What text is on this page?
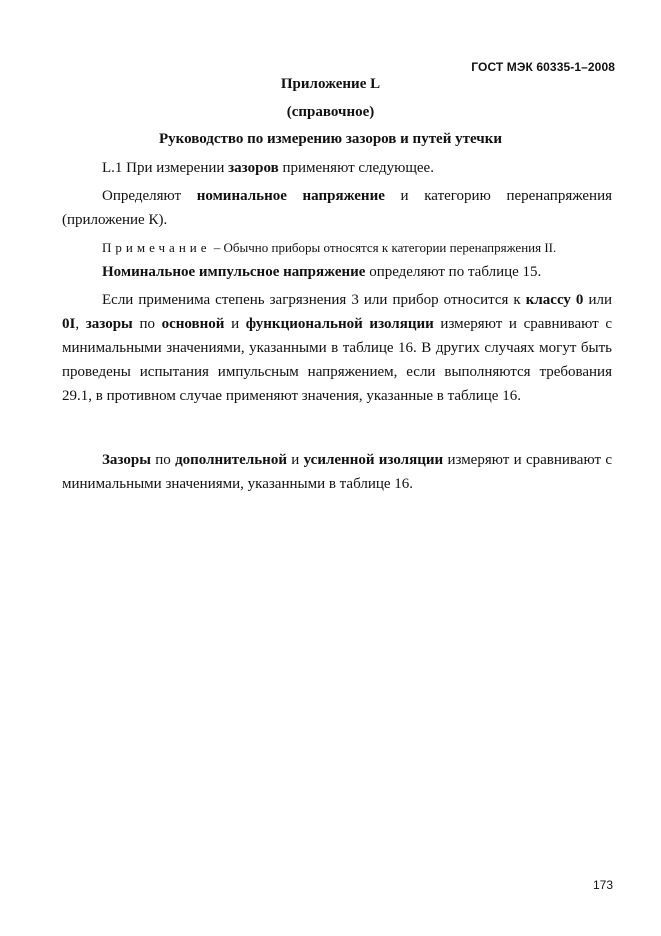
ГОСТ МЭК 60335-1–2008
Приложение L
(справочное)
Руководство по измерению зазоров и путей утечки

L.1 При измерении зазоров применяют следующее.

Определяют номинальное напряжение и категорию перенапряжения (приложение К).

Примечание – Обычно приборы относятся к категории перенапряжения II.

Номинальное импульсное напряжение определяют по таблице 15.

Если применима степень загрязнения 3 или прибор относится к классу 0 или 0I, зазоры по основной и функциональной изоляции измеряют и сравнивают с минимальными значениями, указанными в таблице 16. В других случаях могут быть проведены испытания импульсным напряжением, если выполняются требования 29.1, в противном случае применяют значения, указанные в таблице 16.

Зазоры по дополнительной и усиленной изоляции измеряют и сравнивают с минимальными значениями, указанными в таблице 16.

173
